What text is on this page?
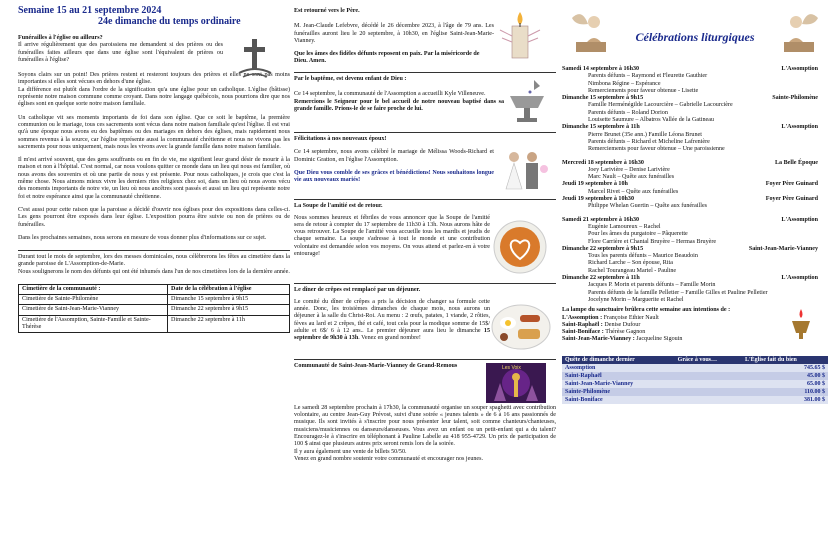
Semaine 15 au 21 septembre 2024

24e dimanche du temps ordinaire

Funérailles à l'église ou ailleurs?

Il arrive régulièrement que des paroissiens me demandent si des prières ou des funérailles faites ailleurs que dans une église sont l'équivalent de prières ou funérailles à l'église?

Soyons clairs sur un point! Des prières restent et resteront toujours des prières et elles ne sont pas moins importantes si elles sont vécues en dehors d'une église.

La différence est plutôt dans l'ordre de la signification qu'a une église pour un catholique. L'église (bâtisse) représente notre maison commune comme croyant. Dans notre langage québécois, nous pourrions dire que nos églises sont en quelque sorte notre maison familiale.

Un catholique vit ses moments importants de foi dans son église. Que ce soit le baptême, la première communion ou le mariage, tous ces sacrements sont vécus dans notre maison familiale qu'est l'église. Il est vrai qu'à une époque nous avons eu des baptêmes ou des mariages en dehors des églises, mais rapidement nous sommes revenus à la source, car l'église représente aussi la communauté chrétienne et nous ne vivons pas les sacrements pour nous uniquement, mais nous les vivons avec la grande famille dans notre maison familiale.

Il m'est arrivé souvent, que des gens souffrants ou en fin de vie, me signifient leur grand désir de mourir à la maison et non à l'hôpital. C'est normal, car nous voulons quitter ce monde dans un lieu qui nous est familier, où nous avons des souvenirs et où une partie de nous y est présente. Pour nous catholiques, je crois que c'est la même chose. Nous aimons mieux vivre les derniers rites religieux chez soi, dans un lieu où nous avons vécu des moments importants de notre vie, un lieu où nous ancêtres sont passés et aussi un lieu qui représente notre foi et notre espérance ainsi que la communauté chrétienne.

C'est aussi pour cette raison que la paroisse a décidé d'ouvrir nos églises pour des expositions dans celles-ci. Les gens pourront être exposés dans leur église. L'exposition pourra être suivie ou non de prières ou de funérailles.

Dans les prochaines semaines, nous serons en mesure de vous donner plus d'informations sur ce sujet.

Durant tout le mois de septembre, lors des messes dominicales, nous célèbrerons les fêtes au cimetière dans la grande paroisse de L'Assomption-de-Marie.

Nous soulignerons le nom des défunts qui ont été inhumés dans l'un de nos cimetières lors de la dernière année.

Cimetière de la communauté :	Date de la célébration à l'église
Cimetière de Sainte-Philomène	Dimanche 15 septembre à 9h15
Cimetière de Saint-Jean-Marie-Vianney	Dimanche 22 septembre à 9h15
Cimetière de l'Assomption, Sainte-Famille et Sainte-Thérèse	Dimanche 22 septembre à 11h

Est retourné vers le Père.

M. Jean-Claude Lefebvre, décédé le 26 décembre 2023, à l'âge de 79 ans. Les funérailles auront lieu le 20 septembre, à 10h30, en l'église Saint-Jean-Marie-Vianney.

Que les âmes des fidèles défunts reposent en paix. Par la miséricorde de Dieu. Amen.

Par le baptême, est devenu enfant de Dieu :

Ce 14 septembre, la communauté de l'Assomption a accueilli Kyle Villeneuve.

Remercions le Seigneur pour le bel accueil de notre nouveau baptisé dans sa grande famille. Prions-le de se faire proche de lui.

Félicitations à nos nouveaux époux!

Ce 14 septembre, nous avons célébré le mariage de Mélissa Woods-Richard et Dominic Gratton, en l'église l'Assomption.

Que Dieu vous comble de ses grâces et bénédictions! Nous souhaitons longue vie aux nouveaux mariés!

La Soupe de l'amitié est de retour.

Nous sommes heureux et fébriles de vous annoncer que la Soupe de l'amitié sera de retour à compter du 17 septembre de 11h30 à 13h. Nous aurons hâte de vous retrouver. La Soupe de l'amitié vous accueille tous les mardis et jeudis de chaque semaine. La soupe s'adresse à tout le monde et une contribution volontaire est demandée selon vos moyens. On vous attend et parlez-en à votre entourage!

Le dîner de crêpes est remplacé par un déjeuner.

Le comité du dîner de crêpes a pris la décision de changer sa formule cette année. Donc, les troisièmes dimanches de chaque mois, nous aurons un déjeuner à la salle du Christ-Roi. Au menu : 2 œufs, patates, 1 viande, 2 rôties, fèves au lard et 2 crêpes, thé et café, tout cela pour la modique somme de 15$/ adulte et 6$/ 6 à 12 ans.. Le premier déjeuner aura lieu le dimanche 15 septembre de 9h30 à 13h. Venez en grand nombre!

Communauté de Saint-Jean-Marie-Vianney de Grand-Remous	Les Voix

Le samedi 28 septembre prochain à 17h30, la communauté organise un souper spaghetti avec contribution volontaire, au centre Jean-Guy Prévost, suivi d'une soirée « jeunes talents » de 6 à 16 ans passionnés de musique. Ils sont invités à s'inscrire pour nous présenter leur talent, soit comme chanteurs/chanteuses, musiciens/musiciennes ou danseurs/danseuses. Vous avez un enfant ou un petit-enfant qui a du talent? Encouragez-le à s'inscrire en téléphonant à Pauline Labelle au 418 955-4729. Un prix de participation de 100 $ ainsi que plusieurs autres prix seront remis lors de la soirée.

Il y aura également une vente de billets 50/50.

Venez en grand nombre soutenir votre communauté et encourager nos jeunes.

Célébrations liturgiques

Samedi 14 septembre à 16h30	L'Assomption

Parents défunts – Raymond et Fleurette Gauthier

Nimbona Régine – Espérance

Remerciements pour faveur obtenue - Lisette

Dimanche 15 septembre à 9h15	Sainte-Philomène

Famille Herménégilde Lacourcière – Gabrielle Lacourcière

Parents défunts – Roland Dorion

Louisette Saumure – Albatros Vallée de la Gatineau

Dimanche 15 septembre à 11h	L'Assomption

Pierre Brunet (35e ann.) Famille Léona Brunet

Parents défunts – Richard et Micheline Lafrenière

Remerciements pour faveur obtenue – Une paroissienne

Mercredi 18 septembre à 16h30	La Belle Époque

Joey Larivière – Denise Larivière

Marc Nault – Quête aux funérailles

Jeudi 19 septembre à 10h	Foyer Père Guinard

Marcel Rivet – Quête aux funérailles

Jeudi 19 septembre à 10h30	Foyer Père Guinard

Philippe Whelan Guertin – Quête aux funérailles

Samedi 21 septembre à 16h30	L'Assomption

Eugénie Lamoureux – Rachel

Pour les âmes du purgatoire – Pâquerette

Flore Carrière et Chantal Bruyère – Hermas Bruyère

Dimanche 22 septembre à 9h15	Saint-Jean-Marie-Vianney

Tous les parents défunts – Maurice Beaudoin

Richard Larche – Son épouse, Rita

Rachel Tourangeau Martel - Pauline

Dimanche 22 septembre à 11h	L'Assomption

Jacques P. Morin et parents défunts – Famille Morin

Parents défunts de la famille Pelletier – Famille Gilles et Pauline Pelletier

Jocelyne Morin – Marguerite et Rachel

La lampe du sanctuaire brûlera cette semaine aux intentions de :

L'Assomption : Françoise Ethier Nault

Saint-Raphaël : Denise Dufour

Saint-Boniface : Thérèse Gagnon

Saint-Jean-Marie-Vianney : Jacqueline Sigouin

Quête de dimanche dernier	Grâce à vous…	L'Église fait du bien
Assomption		745.65 $
Saint-Raphaël		45.00 $
Saint-Jean-Marie-Vianney		65.00 $
Sainte-Philomène		110.00 $
Saint-Boniface		381.00 $
